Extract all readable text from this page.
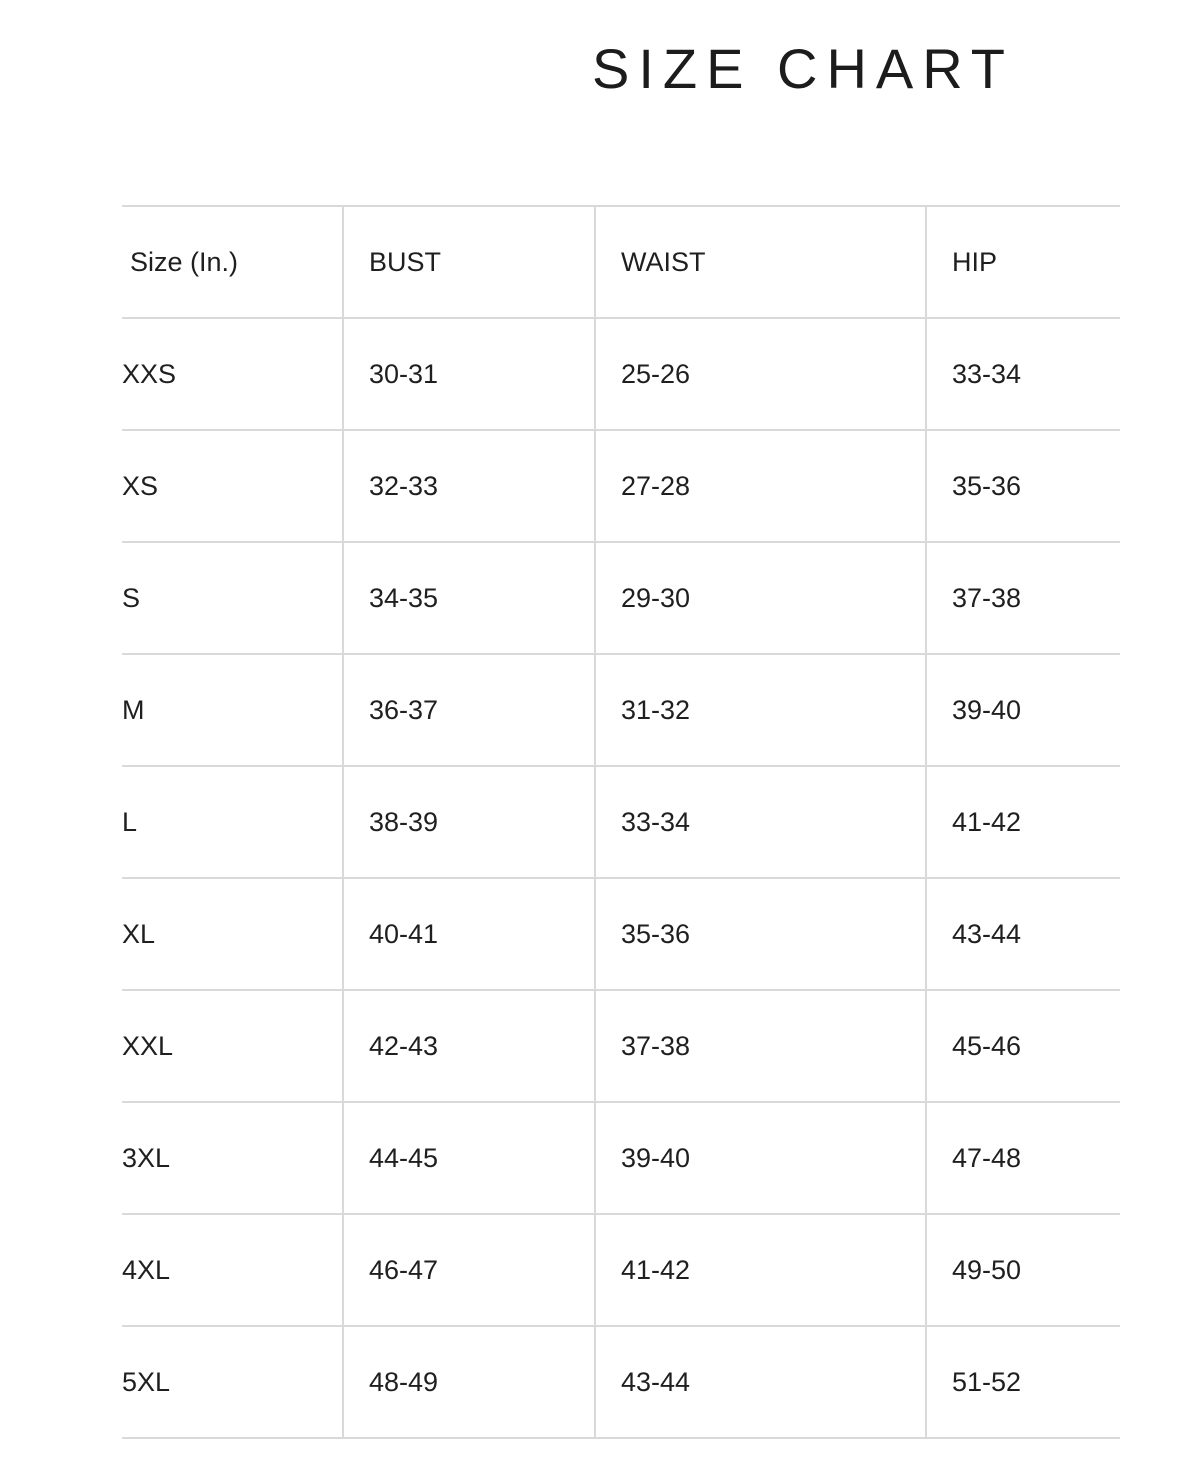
SIZE CHART
Size (In.)	BUST	WAIST	HIP
XXS	30-31	25-26	33-34
XS	32-33	27-28	35-36
S	34-35	29-30	37-38
M	36-37	31-32	39-40
L	38-39	33-34	41-42
XL	40-41	35-36	43-44
XXL	42-43	37-38	45-46
3XL	44-45	39-40	47-48
4XL	46-47	41-42	49-50
5XL	48-49	43-44	51-52
